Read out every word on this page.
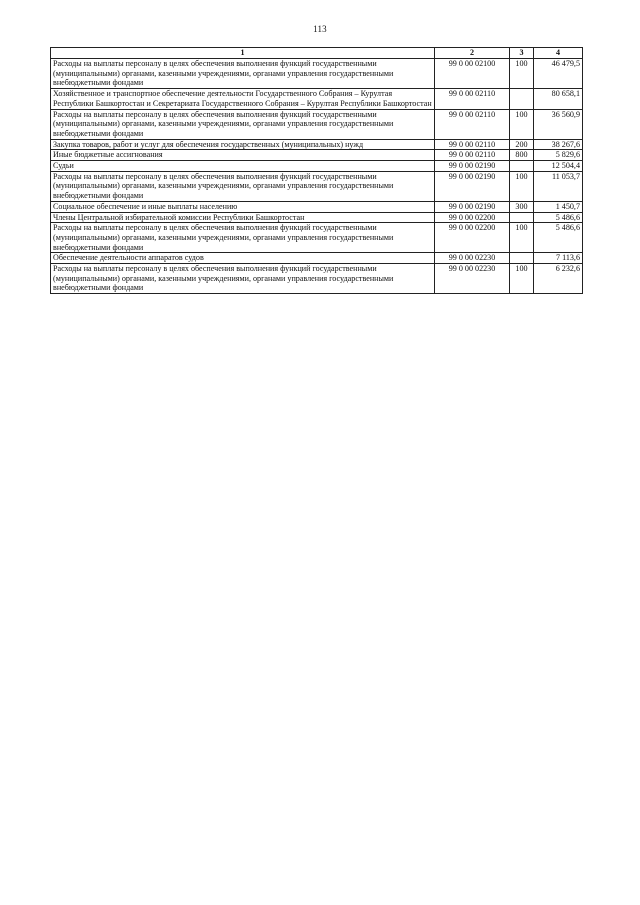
113
1	2	3	4
Расходы на выплаты персоналу в целях обеспечения выполнения функций государственными (муниципальными) органами, казенными учреждениями, органами управления государственными внебюджетными фондами	99 0 00 02100	100	46 479,5
Хозяйственное и транспортное обеспечение деятельности Государственного Собрания – Курултая Республики Башкортостан и Секретариата Государственного Собрания – Курултая Республики Башкортостан	99 0 00 02110		80 658,1
Расходы на выплаты персоналу в целях обеспечения выполнения функций государственными (муниципальными) органами, казенными учреждениями, органами управления государственными внебюджетными фондами	99 0 00 02110	100	36 560,9
Закупка товаров, работ и услуг для обеспечения государственных (муниципальных) нужд	99 0 00 02110	200	38 267,6
Иные бюджетные ассигнования	99 0 00 02110	800	5 829,6
Судьи	99 0 00 02190		12 504,4
Расходы на выплаты персоналу в целях обеспечения выполнения функций государственными (муниципальными) органами, казенными учреждениями, органами управления государственными внебюджетными фондами	99 0 00 02190	100	11 053,7
Социальное обеспечение и иные выплаты населению	99 0 00 02190	300	1 450,7
Члены Центральной избирательной комиссии Республики Башкортостан	99 0 00 02200		5 486,6
Расходы на выплаты персоналу в целях обеспечения выполнения функций государственными (муниципальными) органами, казенными учреждениями, органами управления государственными внебюджетными фондами	99 0 00 02200	100	5 486,6
Обеспечение деятельности аппаратов судов	99 0 00 02230		7 113,6
Расходы на выплаты персоналу в целях обеспечения выполнения функций государственными (муниципальными) органами, казенными учреждениями, органами управления государственными внебюджетными фондами	99 0 00 02230	100	6 232,6
